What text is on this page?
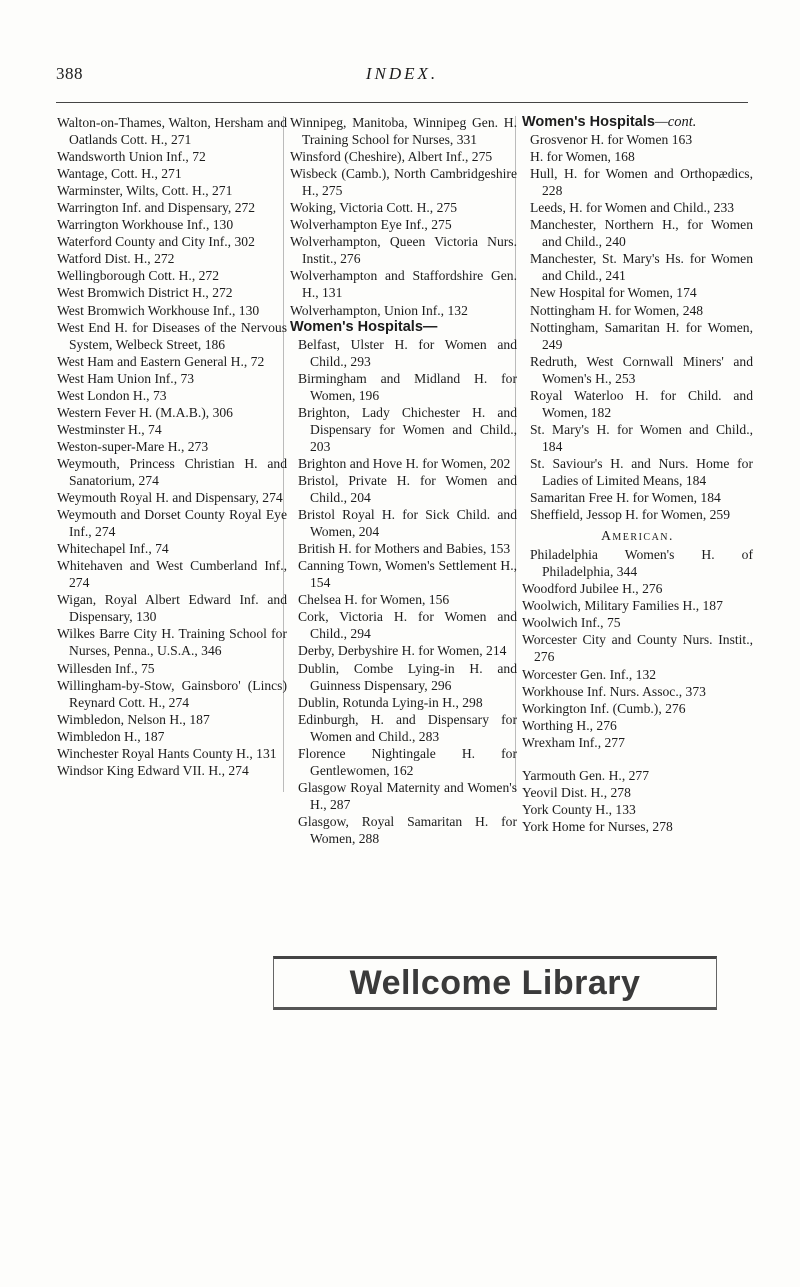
388	INDEX.
Walton-on-Thames, Walton, Hersham and Oatlands Cott. H., 271
Wandsworth Union Inf., 72
Wantage, Cott. H., 271
Warminster, Wilts, Cott. H., 271
Warrington Inf. and Dispensary, 272
Warrington Workhouse Inf., 130
Waterford County and City Inf., 302
Watford Dist. H., 272
Wellingborough Cott. H., 272
West Bromwich District H., 272
West Bromwich Workhouse Inf., 130
West End H. for Diseases of the Nervous System, Welbeck Street, 186
West Ham and Eastern General H., 72
West Ham Union Inf., 73
West London H., 73
Western Fever H. (M.A.B.), 306
Westminster H., 74
Weston-super-Mare H., 273
Weymouth, Princess Christian H. and Sanatorium, 274
Weymouth Royal H. and Dispensary, 274
Weymouth and Dorset County Royal Eye Inf., 274
Whitechapel Inf., 74
Whitehaven and West Cumberland Inf., 274
Wigan, Royal Albert Edward Inf. and Dispensary, 130
Wilkes Barre City H. Training School for Nurses, Penna., U.S.A., 346
Willesden Inf., 75
Willingham-by-Stow, Gainsboro' (Lincs) Reynard Cott. H., 274
Wimbledon, Nelson H., 187
Wimbledon H., 187
Winchester Royal Hants County H., 131
Windsor King Edward VII. H., 274
Winnipeg, Manitoba, Winnipeg Gen. H. Training School for Nurses, 331
Winsford (Cheshire), Albert Inf., 275
Wisbeck (Camb.), North Cambridgeshire H., 275
Woking, Victoria Cott. H., 275
Wolverhampton Eye Inf., 275
Wolverhampton, Queen Victoria Nurs. Instit., 276
Wolverhampton and Staffordshire Gen. H., 131
Wolverhampton, Union Inf., 132
Women's Hospitals—
Belfast, Ulster H. for Women and Child., 293
Birmingham and Midland H. for Women, 196
Brighton, Lady Chichester H. and Dispensary for Women and Child., 203
Brighton and Hove H. for Women, 202
Bristol, Private H. for Women and Child., 204
Bristol Royal H. for Sick Child. and Women, 204
British H. for Mothers and Babies, 153
Canning Town, Women's Settlement H., 154
Chelsea H. for Women, 156
Cork, Victoria H. for Women and Child., 294
Derby, Derbyshire H. for Women, 214
Dublin, Combe Lying-in H. and Guinness Dispensary, 296
Dublin, Rotunda Lying-in H., 298
Edinburgh, H. and Dispensary for Women and Child., 283
Florence Nightingale H. for Gentlewomen, 162
Glasgow Royal Maternity and Women's H., 287
Glasgow, Royal Samaritan H. for Women, 288
Women's Hospitals—cont.
Grosvenor H. for Women 163
H. for Women, 168
Hull, H. for Women and Orthopædics, 228
Leeds, H. for Women and Child., 233
Manchester, Northern H., for Women and Child., 240
Manchester, St. Mary's Hs. for Women and Child., 241
New Hospital for Women, 174
Nottingham H. for Women, 248
Nottingham, Samaritan H. for Women, 249
Redruth, West Cornwall Miners' and Women's H., 253
Royal Waterloo H. for Child. and Women, 182
St. Mary's H. for Women and Child., 184
St. Saviour's H. and Nurs. Home for Ladies of Limited Means, 184
Samaritan Free H. for Women, 184
Sheffield, Jessop H. for Women, 259
American.
Philadelphia Women's H. of Philadelphia, 344
Woodford Jubilee H., 276
Woolwich, Military Families H., 187
Woolwich Inf., 75
Worcester City and County Nurs. Instit., 276
Worcester Gen. Inf., 132
Workhouse Inf. Nurs. Assoc., 373
Workington Inf. (Cumb.), 276
Worthing H., 276
Wrexham Inf., 277
Yarmouth Gen. H., 277
Yeovil Dist. H., 278
York County H., 133
York Home for Nurses, 278
Wellcome Library
